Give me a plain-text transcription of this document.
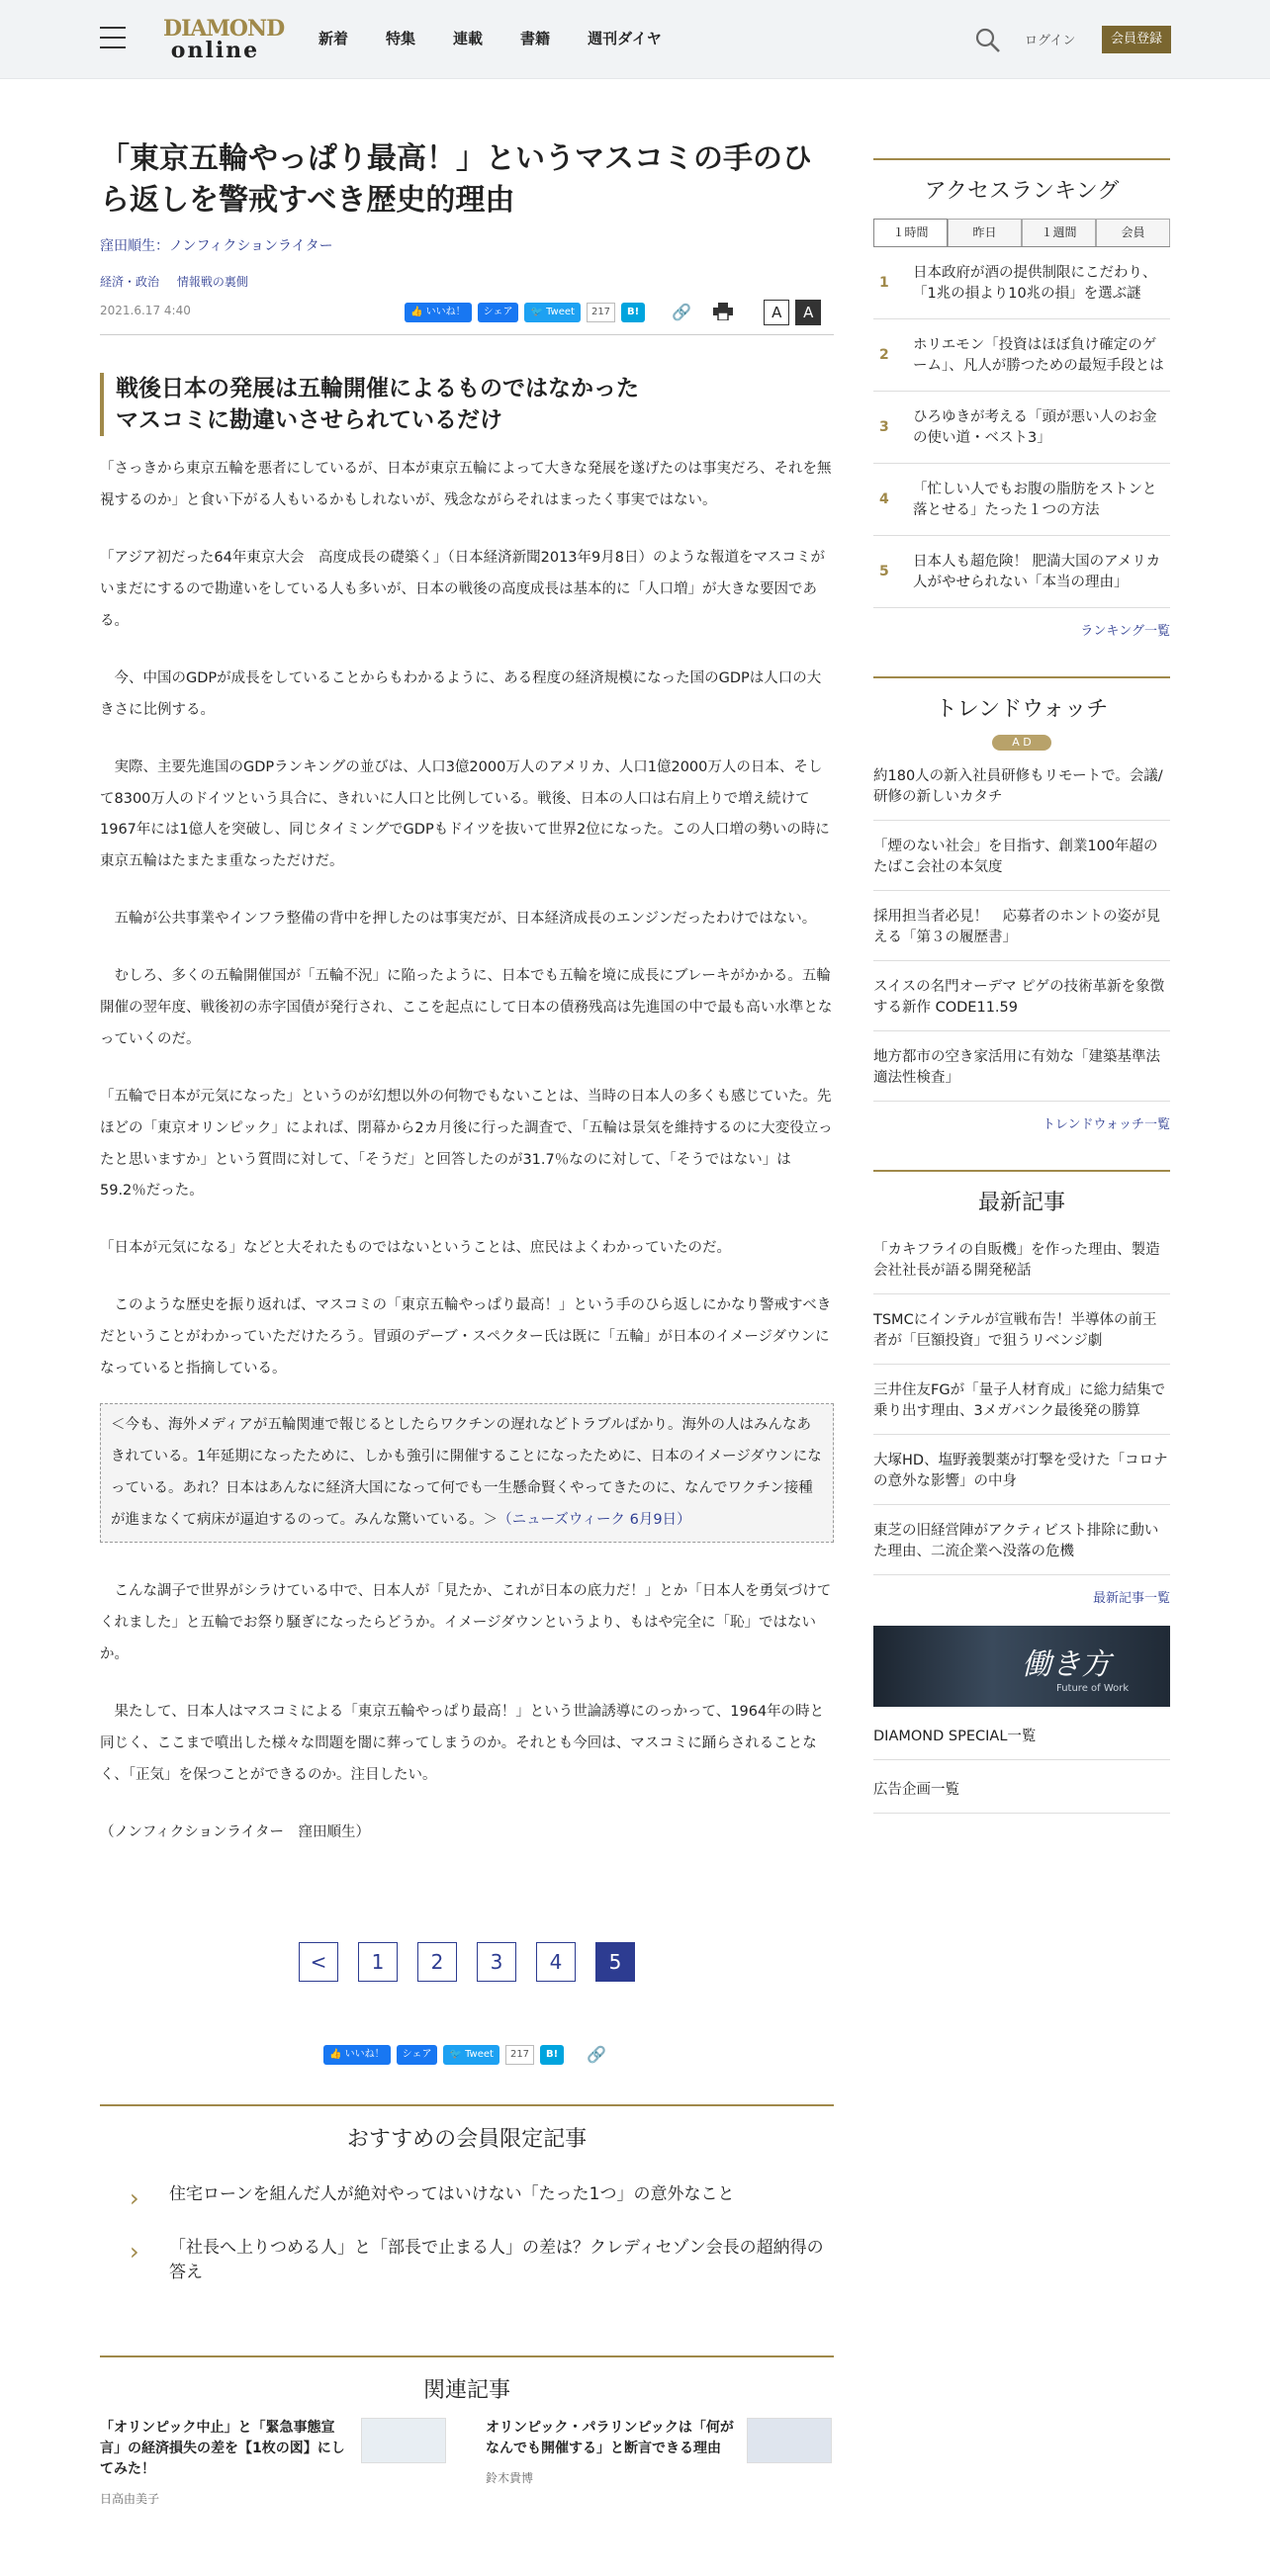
DIAMOND
online	新着	特集	連載	書籍	週刊ダイヤ	ログイン	会員登録
「東京五輪やっぱり最高！」というマスコミの手のひら返しを警戒すべき歴史的理由
窪田順生：ノンフィクションライター
経済・政治 情報戦の裏側
2021.6.17 4:40	👍 いいね！	シェア	🐦 Tweet	217	B!	🔗	A	A
戦後日本の発展は五輪開催によるものではなかった
マスコミに勘違いさせられているだけ

「さっきから東京五輪を悪者にしているが、日本が東京五輪によって大きな発展を遂げたのは事実だろ、それを無視するのか」と食い下がる人もいるかもしれないが、残念ながらそれはまったく事実ではない。

「アジア初だった64年東京大会　高度成長の礎築く」（日本経済新聞2013年9月8日）のような報道をマスコミがいまだにするので勘違いをしている人も多いが、日本の戦後の高度成長は基本的に「人口増」が大きな要因である。

　今、中国のGDPが成長をしていることからもわかるように、ある程度の経済規模になった国のGDPは人口の大きさに比例する。

　実際、主要先進国のGDPランキングの並びは、人口3億2000万人のアメリカ、人口1億2000万人の日本、そして8300万人のドイツという具合に、きれいに人口と比例している。戦後、日本の人口は右肩上りで増え続けて1967年には1億人を突破し、同じタイミングでGDPもドイツを抜いて世界2位になった。この人口増の勢いの時に東京五輪はたまたま重なっただけだ。

　五輪が公共事業やインフラ整備の背中を押したのは事実だが、日本経済成長のエンジンだったわけではない。

　むしろ、多くの五輪開催国が「五輪不況」に陥ったように、日本でも五輪を境に成長にブレーキがかかる。五輪開催の翌年度、戦後初の赤字国債が発行され、ここを起点にして日本の債務残高は先進国の中で最も高い水準となっていくのだ。

「五輪で日本が元気になった」というのが幻想以外の何物でもないことは、当時の日本人の多くも感じていた。先ほどの「東京オリンピック」によれば、閉幕から2カ月後に行った調査で、「五輪は景気を維持するのに大変役立ったと思いますか」という質問に対して、「そうだ」と回答したのが31.7％なのに対して、「そうではない」は59.2％だった。

「日本が元気になる」などと大それたものではないということは、庶民はよくわかっていたのだ。

　このような歴史を振り返れば、マスコミの「東京五輪やっぱり最高！」という手のひら返しにかなり警戒すべきだということがわかっていただけたろう。冒頭のデーブ・スペクター氏は既に「五輪」が日本のイメージダウンになっていると指摘している。

＜今も、海外メディアが五輪関連で報じるとしたらワクチンの遅れなどトラブルばかり。海外の人はみんなあきれている。1年延期になったために、しかも強引に開催することになったために、日本のイメージダウンになっている。あれ？日本はあんなに経済大国になって何でも一生懸命賢くやってきたのに、なんでワクチン接種が進まなくて病床が逼迫するのって。みんな驚いている。＞（ニューズウィーク 6月9日）

　こんな調子で世界がシラけている中で、日本人が「見たか、これが日本の底力だ！」とか「日本人を勇気づけてくれました」と五輪でお祭り騒ぎになったらどうか。イメージダウンというより、もはや完全に「恥」ではないか。

　果たして、日本人はマスコミによる「東京五輪やっぱり最高！」という世論誘導にのっかって、1964年の時と同じく、ここまで噴出した様々な問題を闇に葬ってしまうのか。それとも今回は、マスコミに踊らされることなく、「正気」を保つことができるのか。注目したい。

（ノンフィクションライター　窪田順生）

<	1	2	3	4	5
👍 いいね！	シェア	🐦 Tweet	217	B!	🔗
おすすめの会員限定記事
› 住宅ローンを組んだ人が絶対やってはいけない「たった1つ」の意外なこと
› 「社長へ上りつめる人」と「部長で止まる人」の差は？クレディセゾン会長の超納得の答え
関連記事
「オリンピック中止」と「緊急事態宣言」の経済損失の差を【1枚の図】にしてみた！
日高由美子
オリンピック・パラリンピックは「何がなんでも開催する」と断言できる理由
鈴木貴博
アクセスランキング
１時間	昨日	１週間	会員
1
日本政府が酒の提供制限にこだわり、「1兆の損より10兆の損」を選ぶ謎
2
ホリエモン「投資はほぼ負け確定のゲーム」、凡人が勝つための最短手段とは
3
ひろゆきが考える「頭が悪い人のお金の使い道・ベスト3」
4
「忙しい人でもお腹の脂肪をストンと落とせる」たった１つの方法
5
日本人も超危険！ 肥満大国のアメリカ人がやせられない「本当の理由」
ランキング一覧
トレンドウォッチ
A D
約180人の新入社員研修もリモートで。会議/研修の新しいカタチ
「煙のない社会」を目指す、創業100年超のたばこ会社の本気度
採用担当者必見！　応募者のホントの姿が見える「第３の履歴書」
スイスの名門オーデマ ピゲの技術革新を象徴する新作 CODE11.59
地方都市の空き家活用に有効な「建築基準法適法性検査」
トレンドウォッチ一覧
最新記事
「カキフライの自販機」を作った理由、製造会社社長が語る開発秘話
TSMCにインテルが宣戦布告！半導体の前王者が「巨額投資」で狙うリベンジ劇
三井住友FGが「量子人材育成」に総力結集で乗り出す理由、3メガバンク最後発の勝算
大塚HD、塩野義製薬が打撃を受けた「コロナの意外な影響」の中身
東芝の旧経営陣がアクティビスト排除に動いた理由、二流企業へ没落の危機
最新記事一覧
働き方
Future of Work
DIAMOND SPECIAL一覧
広告企画一覧
